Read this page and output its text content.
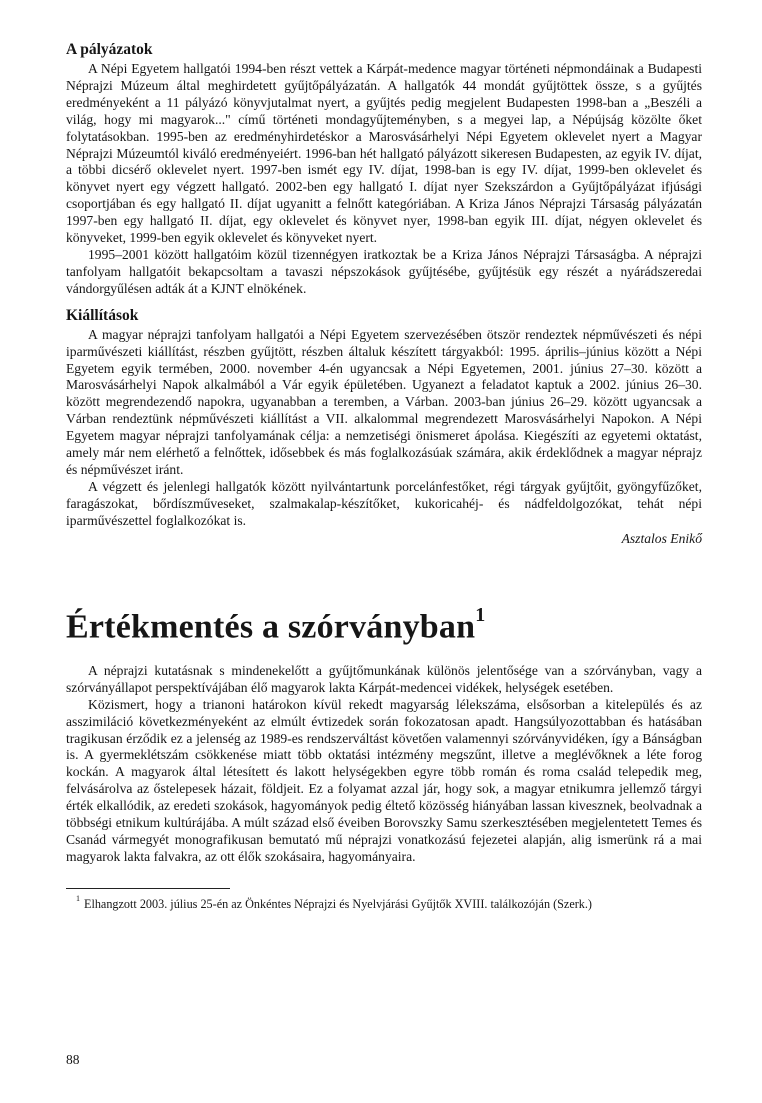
A pályázatok

A Népi Egyetem hallgatói 1994-ben részt vettek a Kárpát-medence magyar történeti népmondáinak a Budapesti Néprajzi Múzeum által meghirdetett gyűjtőpályázatán. A hallgatók 44 mondát gyűjtöttek össze, s a gyűjtés eredményeként a 11 pályázó könyvjutalmat nyert, a gyűjtés pedig megjelent Budapesten 1998-ban a „Beszéli a világ, hogy mi magyarok..." című történeti mondagyűjteményben, s a megyei lap, a Népújság közölte őket folytatásokban. 1995-ben az eredményhirdetéskor a Marosvásárhelyi Népi Egyetem oklevelet nyert a Magyar Néprajzi Múzeumtól kiváló eredményeiért. 1996-ban hét hallgató pályázott sikeresen Budapesten, az egyik IV. díjat, a többi dicsérő oklevelet nyert. 1997-ben ismét egy IV. díjat, 1998-ban is egy IV. díjat, 1999-ben oklevelet és könyvet nyert egy végzett hallgató. 2002-ben egy hallgató I. díjat nyer Szekszárdon a Gyűjtőpályázat ifjúsági csoportjában és egy hallgató II. díjat ugyanitt a felnőtt kategóriában. A Kriza János Néprajzi Társaság pályázatán 1997-ben egy hallgató II. díjat, egy oklevelet és könyvet nyer, 1998-ban egyik III. díjat, négyen oklevelet és könyveket, 1999-ben egyik oklevelet és könyveket nyert.

1995–2001 között hallgatóim közül tizennégyen iratkoztak be a Kriza János Néprajzi Társaságba. A néprajzi tanfolyam hallgatóit bekapcsoltam a tavaszi népszokások gyűjtésébe, gyűjtésük egy részét a nyárádszeredai vándorgyűlésen adták át a KJNT elnökének.

Kiállítások

A magyar néprajzi tanfolyam hallgatói a Népi Egyetem szervezésében ötször rendeztek népművészeti és népi iparművészeti kiállítást, részben gyűjtött, részben általuk készített tárgyakból: 1995. április–június között a Népi Egyetem egyik termében, 2000. november 4-én ugyancsak a Népi Egyetemen, 2001. június 27–30. között a Marosvásárhelyi Napok alkalmából a Vár egyik épületében. Ugyanezt a feladatot kaptuk a 2002. június 26–30. között megrendezendő napokra, ugyanabban a teremben, a Várban. 2003-ban június 26–29. között ugyancsak a Várban rendeztünk népművészeti kiállítást a VII. alkalommal megrendezett Marosvásárhelyi Napokon. A Népi Egyetem magyar néprajzi tanfolyamának célja: a nemzetiségi önismeret ápolása. Kiegészíti az egyetemi oktatást, amely már nem elérhető a felnőttek, idősebbek és más foglalkozásúak számára, akik érdeklődnek a magyar néprajz és népművészet iránt.

A végzett és jelenlegi hallgatók között nyilvántartunk porcelánfestőket, régi tárgyak gyűjtőit, gyöngyfűzőket, faragászokat, bőrdíszműveseket, szalmakalap-készítőket, kukoricahéj- és nádfeldolgozókat, tehát népi iparművészettel foglalkozókat is.

Asztalos Enikő

Értékmentés a szórványban$^1$

A néprajzi kutatásnak s mindenekelőtt a gyűjtőmunkának különös jelentősége van a szórványban, vagy a szórványállapot perspektívájában élő magyarok lakta Kárpát-medencei vidékek, helységek esetében.

Közismert, hogy a trianoni határokon kívül rekedt magyarság lélekszáma, elsősorban a kitelepülés és az asszimiláció következményeként az elmúlt évtizedek során fokozatosan apadt. Hangsúlyozottabban és hatásában tragikusan érződik ez a jelenség az 1989-es rendszerváltást követően valamennyi szórványvidéken, így a Bánságban is. A gyermeklétszám csökkenése miatt több oktatási intézmény megszűnt, illetve a meglévőknek a léte forog kockán. A magyarok által létesített és lakott helységekben egyre több román és roma család telepedik meg, felvásárolva az őstelepesek házait, földjeit. Ez a folyamat azzal jár, hogy sok, a magyar etnikumra jellemző tárgyi érték elkallódik, az eredeti szokások, hagyományok pedig éltető közösség hiányában lassan kivesznek, beolvadnak a többségi etnikum kultúrájába. A múlt század első éveiben Borovszky Samu szerkesztésében megjelentetett Temes és Csanád vármegyét monografikusan bemutató mű néprajzi vonatkozású fejezetei alapján, alig ismerünk rá a mai magyarok lakta falvakra, az ott élők szokásaira, hagyományaira.

$^1$ Elhangzott 2003. július 25-én az Önkéntes Néprajzi és Nyelvjárási Gyűjtők XVIII. találkozóján (Szerk.)

88
